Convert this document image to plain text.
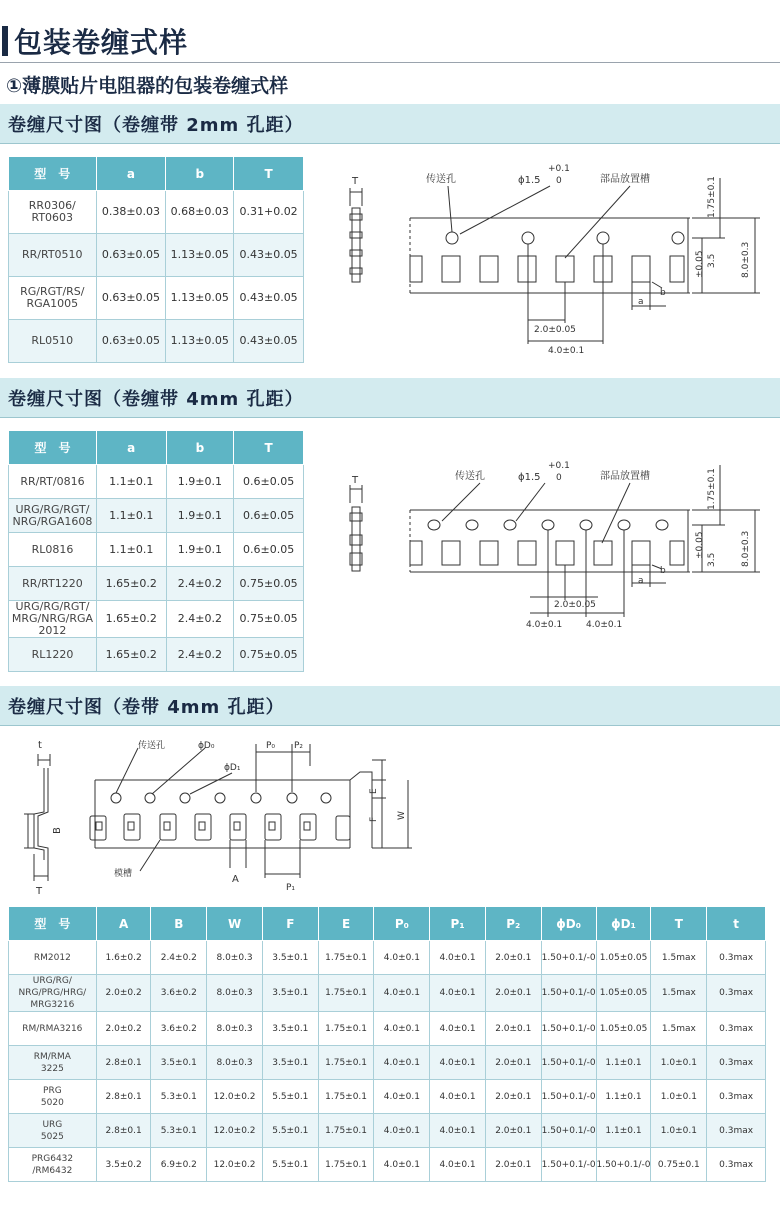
包装卷缠式样
①薄膜贴片电阻器的包装卷缠式样
卷缠尺寸图（卷缠带 2mm 孔距）
型　号	a	b	T
RR0306/
RT0603	0.38±0.03	0.68±0.03	0.31+0.02
RR/RT0510	0.63±0.05	1.13±0.05	0.43±0.05
RG/RGT/RS/
RGA1005	0.63±0.05	1.13±0.05	0.43±0.05
RL0510	0.63±0.05	1.13±0.05	0.43±0.05
T	传送孔	ϕ1.5
+0.1
0	部品放置槽	1.75±0.1
±0.05 3.5	8.0±0.3
a
b
2.0±0.05
4.0±0.1
卷缠尺寸图（卷缠带 4mm 孔距）
型　号	a	b	T
RR/RT/0816	1.1±0.1	1.9±0.1	0.6±0.05
URG/RG/RGT/
NRG/RGA1608	1.1±0.1	1.9±0.1	0.6±0.05
RL0816	1.1±0.1	1.9±0.1	0.6±0.05
RR/RT1220	1.65±0.2	2.4±0.2	0.75±0.05
URG/RG/RGT/
MRG/NRG/RGA
2012	1.65±0.2	2.4±0.2	0.75±0.05
RL1220	1.65±0.2	2.4±0.2	0.75±0.05
T	传送孔	ϕ1.5
+0.1
0	部品放置槽	1.75±0.1
±0.05
3.5	8.0±0.3
a
b
2.0±0.05
4.0±0.1	4.0±0.1
卷缠尺寸图（卷带 4mm 孔距）
t
T
B
A
传送孔	ϕD₀
ϕD₁
P₀ P₂
P₁
E
F W
模槽
型　号	A	B	W	F	E	P₀	P₁	P₂	ϕD₀	ϕD₁	T	t
RM2012	1.6±0.2	2.4±0.2	8.0±0.3	3.5±0.1	1.75±0.1	4.0±0.1	4.0±0.1	2.0±0.1	1.50+0.1/-0	1.05±0.05	1.5max	0.3max
URG/RG/
NRG/PRG/HRG/
MRG3216	2.0±0.2	3.6±0.2	8.0±0.3	3.5±0.1	1.75±0.1	4.0±0.1	4.0±0.1	2.0±0.1	1.50+0.1/-0	1.05±0.05	1.5max	0.3max
RM/RMA3216	2.0±0.2	3.6±0.2	8.0±0.3	3.5±0.1	1.75±0.1	4.0±0.1	4.0±0.1	2.0±0.1	1.50+0.1/-0	1.05±0.05	1.5max	0.3max
RM/RMA
3225	2.8±0.1	3.5±0.1	8.0±0.3	3.5±0.1	1.75±0.1	4.0±0.1	4.0±0.1	2.0±0.1	1.50+0.1/-0	1.1±0.1	1.0±0.1	0.3max
PRG
5020	2.8±0.1	5.3±0.1	12.0±0.2	5.5±0.1	1.75±0.1	4.0±0.1	4.0±0.1	2.0±0.1	1.50+0.1/-0	1.1±0.1	1.0±0.1	0.3max
URG
5025	2.8±0.1	5.3±0.1	12.0±0.2	5.5±0.1	1.75±0.1	4.0±0.1	4.0±0.1	2.0±0.1	1.50+0.1/-0	1.1±0.1	1.0±0.1	0.3max
PRG6432
/RM6432	3.5±0.2	6.9±0.2	12.0±0.2	5.5±0.1	1.75±0.1	4.0±0.1	4.0±0.1	2.0±0.1	1.50+0.1/-0	1.50+0.1/-0	0.75±0.1	0.3max
